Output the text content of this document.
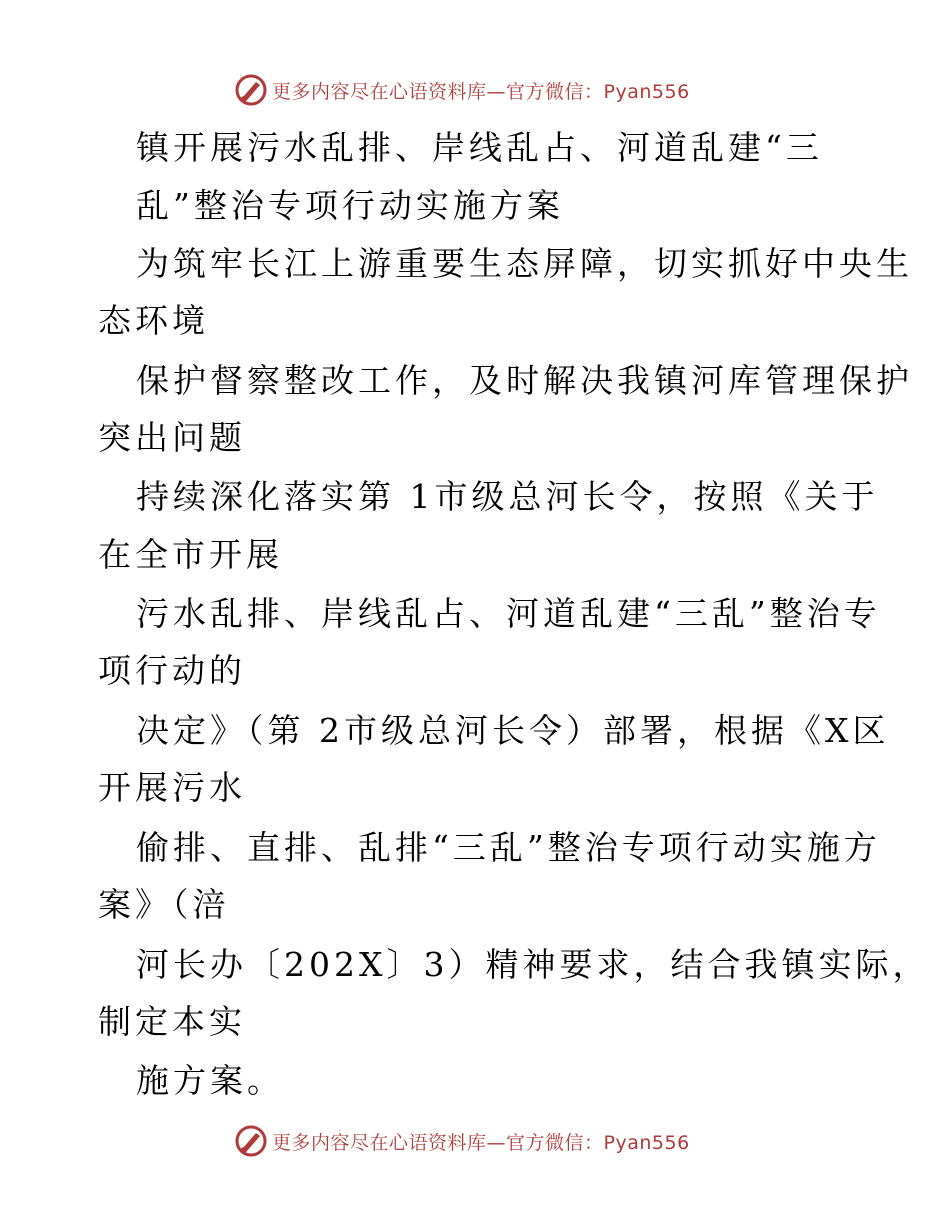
更多内容尽在心语资料库—官方微信：Pyan556
镇开展污水乱排、岸线乱占、河道乱建“三
乱”整治专项行动实施方案
为筑牢长江上游重要生态屏障，切实抓好中央生
态环境
保护督察整改工作，及时解决我镇河库管理保护
突出问题
持续深化落实第 1市级总河长令，按照《关于
在全市开展
污水乱排、岸线乱占、河道乱建“三乱”整治专
项行动的
决定》（第 2市级总河长令）部署，根据《X区
开展污水
偷排、直排、乱排“三乱”整治专项行动实施方
案》（涪
河长办〔202X〕3）精神要求，结合我镇实际，
制定本实
施方案。
更多内容尽在心语资料库—官方微信：Pyan556
